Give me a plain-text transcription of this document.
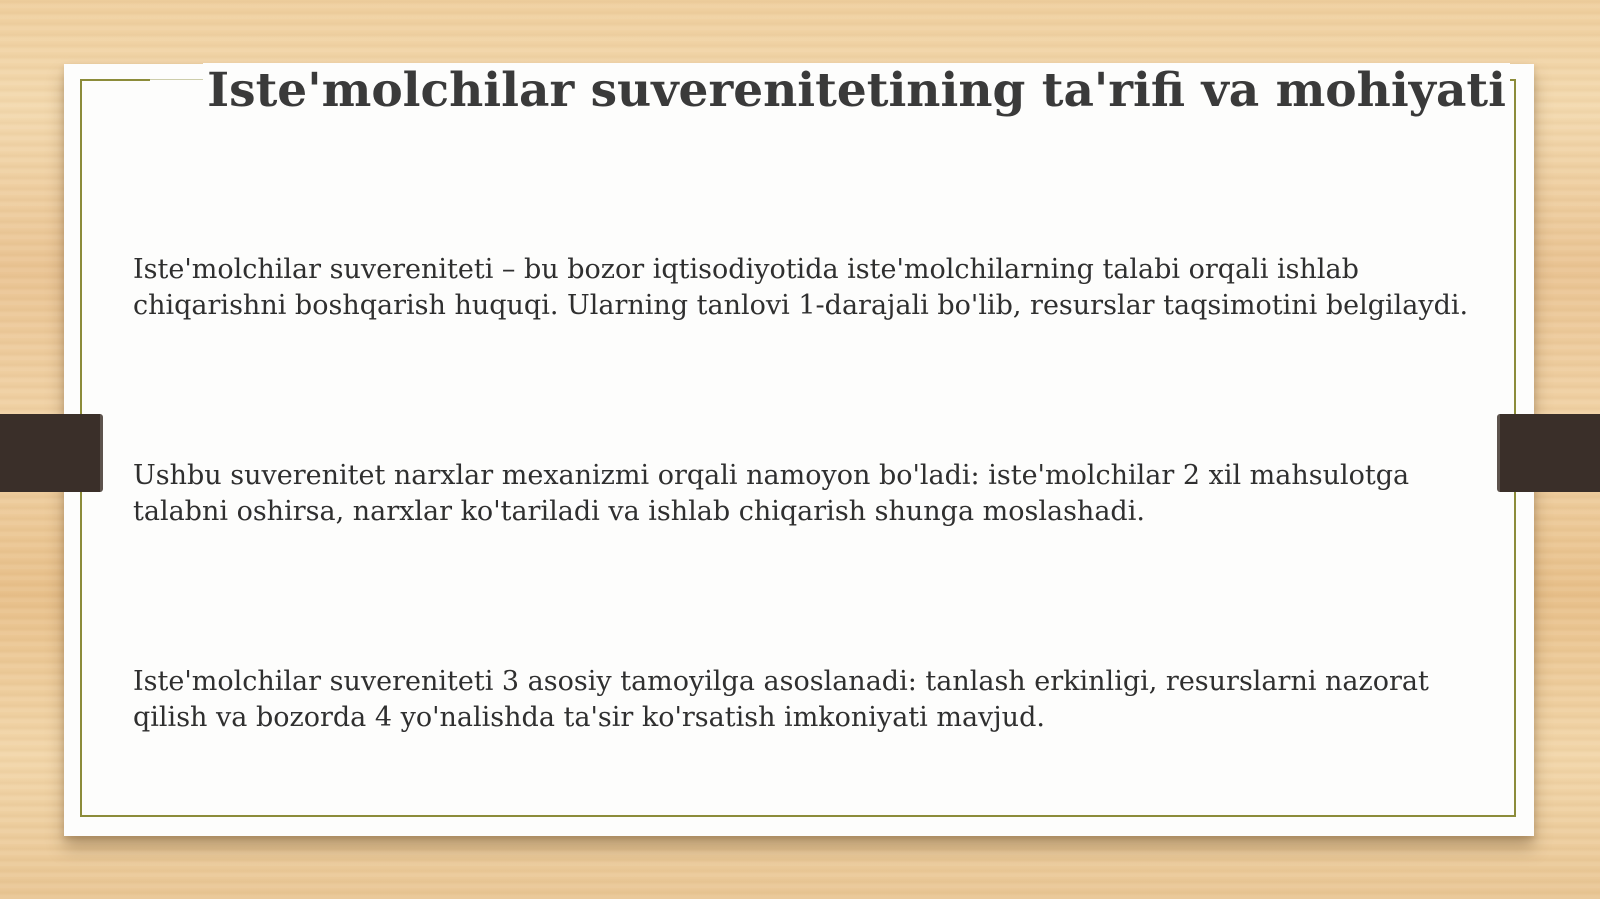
Iste'molchilar suverenitetining ta'rifi va mohiyati

Iste'molchilar suvereniteti – bu bozor iqtisodiyotida iste'molchilarning talabi orqali ishlab chiqarishni boshqarish huquqi. Ularning tanlovi 1-darajali bo'lib, resurslar taqsimotini belgilaydi.

Ushbu suverenitet narxlar mexanizmi orqali namoyon bo'ladi: iste'molchilar 2 xil mahsulotga talabni oshirsa, narxlar ko'tariladi va ishlab chiqarish shunga moslashadi.

Iste'molchilar suvereniteti 3 asosiy tamoyilga asoslanadi: tanlash erkinligi, resurslarni nazorat qilish va bozorda 4 yo'nalishda ta'sir ko'rsatish imkoniyati mavjud.
